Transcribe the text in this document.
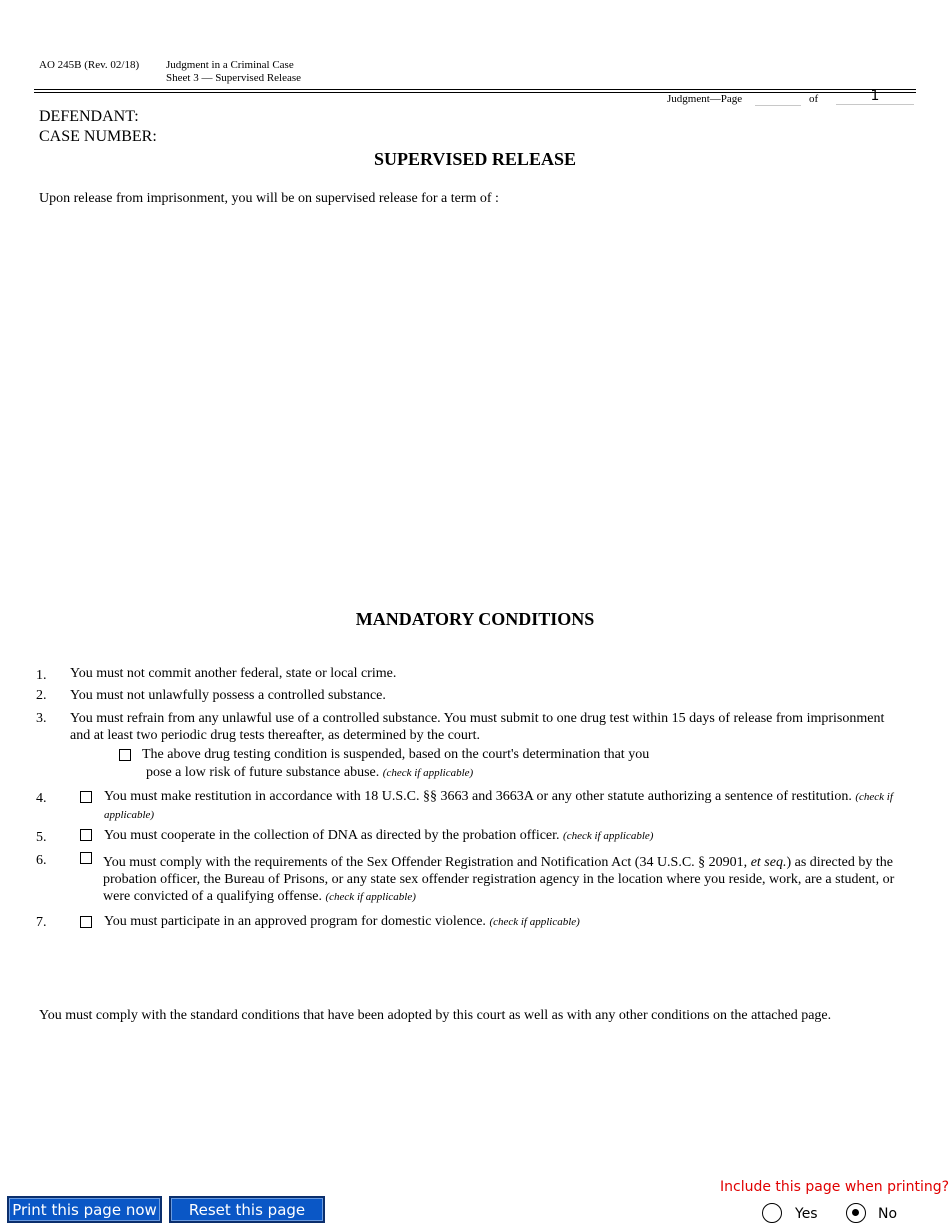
AO 245B (Rev. 02/18) Judgment in a Criminal Case
Sheet 3 — Supervised Release
Judgment—Page	of	1
DEFENDANT:
CASE NUMBER:
SUPERVISED RELEASE
Upon release from imprisonment, you will be on supervised release for a term of :
MANDATORY CONDITIONS
1. You must not commit another federal, state or local crime.
2. You must not unlawfully possess a controlled substance.
3. You must refrain from any unlawful use of a controlled substance. You must submit to one drug test within 15 days of release from imprisonment and at least two periodic drug tests thereafter, as determined by the court.
The above drug testing condition is suspended, based on the court's determination that you
pose a low risk of future substance abuse. (check if applicable)
4.	You must make restitution in accordance with 18 U.S.C. §§ 3663 and 3663A or any other statute authorizing a sentence of restitution. (check if applicable)
5.	You must cooperate in the collection of DNA as directed by the probation officer. (check if applicable)
6.	You must comply with the requirements of the Sex Offender Registration and Notification Act (34 U.S.C. § 20901, et seq.) as directed by the probation officer, the Bureau of Prisons, or any state sex offender registration agency in the location where you reside, work, are a student, or were convicted of a qualifying offense. (check if applicable)
7.	You must participate in an approved program for domestic violence. (check if applicable)
You must comply with the standard conditions that have been adopted by this court as well as with any other conditions on the attached page.
Print this page now	Reset this page
Include this page when printing?
Yes	No
